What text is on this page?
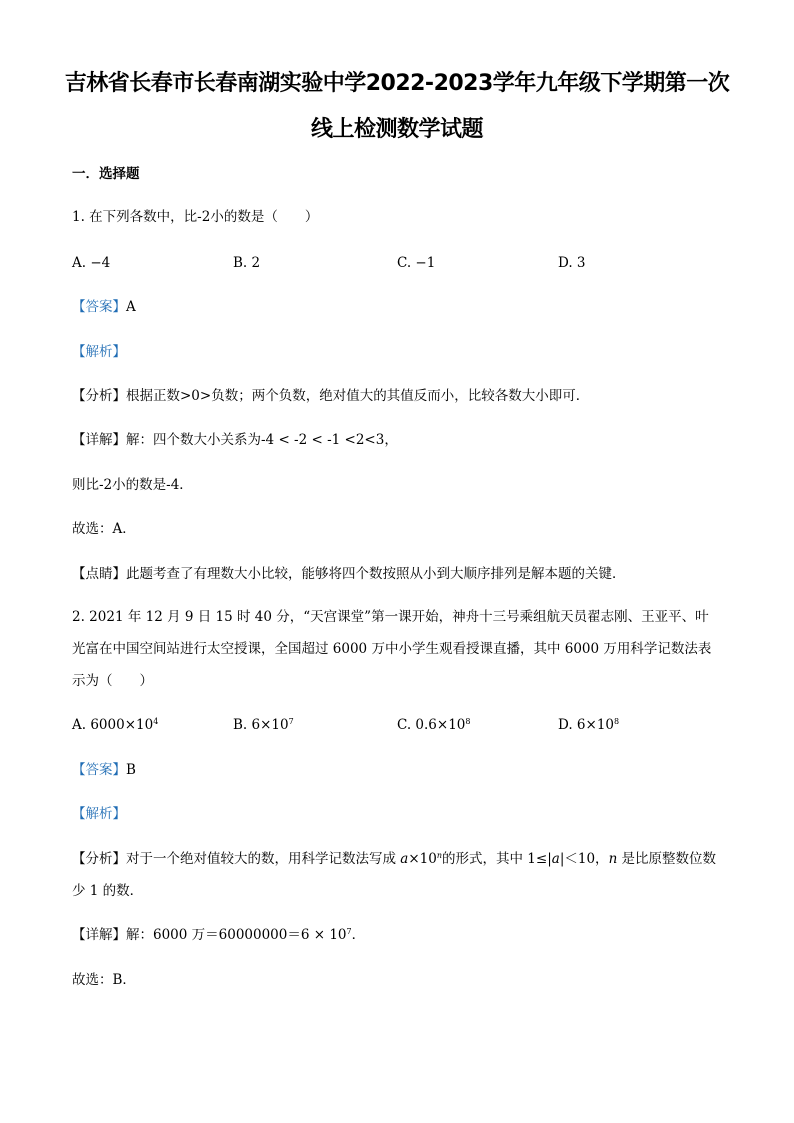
吉林省长春市长春南湖实验中学2022-2023学年九年级下学期第一次
线上检测数学试题
一．选择题
1. 在下列各数中，比-2小的数是（　　）
A. −4	B. 2	C. −1	D. 3
【答案】A
【解析】
【分析】根据正数>0>负数；两个负数，绝对值大的其值反而小，比较各数大小即可．
【详解】解：四个数大小关系为-4 < -2 < -1 <2<3，
则比-2小的数是-4．
故选：A．
【点睛】此题考查了有理数大小比较，能够将四个数按照从小到大顺序排列是解本题的关键．
2. 2021 年 12 月 9 日 15 时 40 分，“天宫课堂”第一课开始，神舟十三号乘组航天员翟志刚、王亚平、叶
光富在中国空间站进行太空授课，全国超过 6000 万中小学生观看授课直播，其中 6000 万用科学记数法表
示为（　　）
A. $6000\times 10^4$	B. $6\times 10^7$	C. $0.6\times 10^8$	D. $6\times 10^8$
【答案】B
【解析】
【分析】对于一个绝对值较大的数，用科学记数法写成 $a\times 10^n$的形式，其中 1≤|a|＜10，n 是比原整数位数
少 1 的数．
【详解】解：6000 万$=60000000=6 \times 10^7$．
故选：B．
